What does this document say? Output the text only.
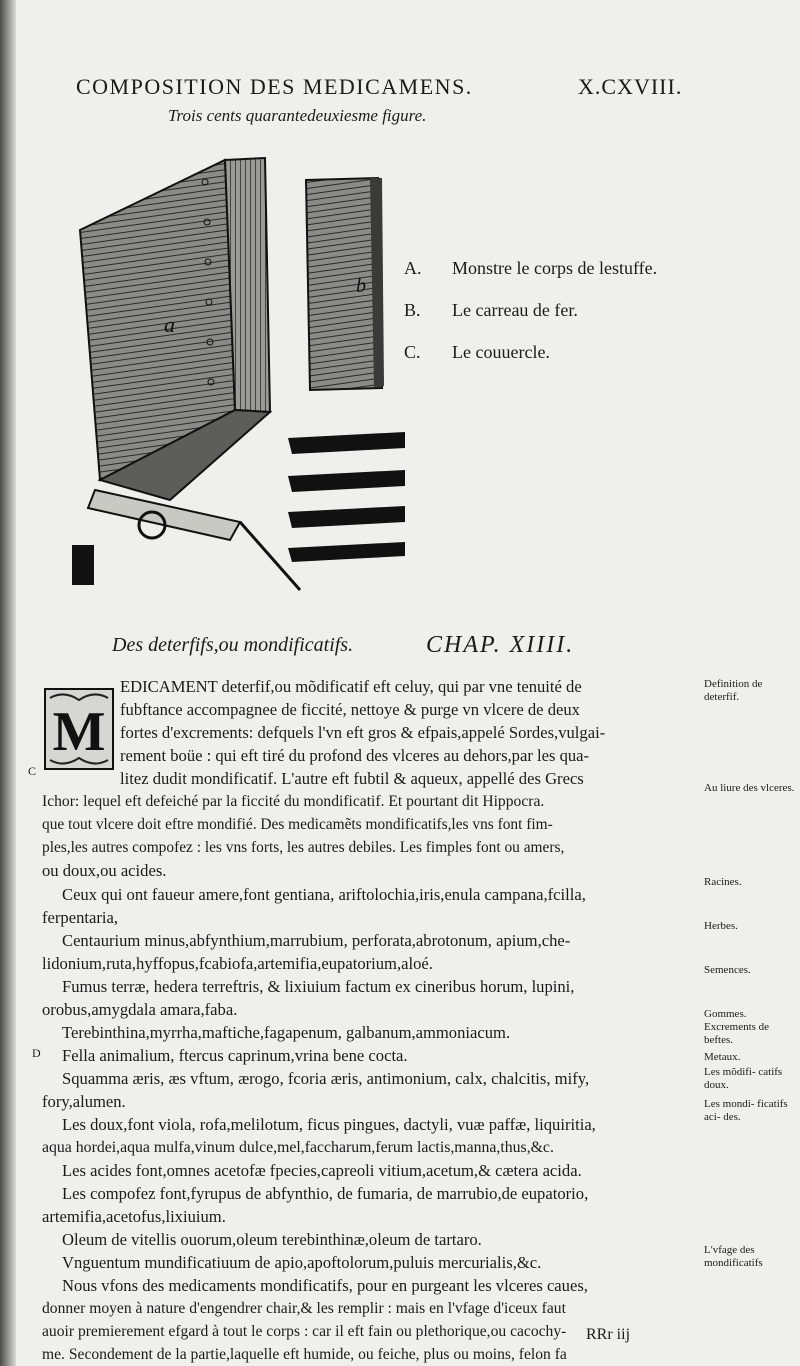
COMPOSITION DES MEDICAMENS.	X.CXVIII.
Trois cents quarantedeuxiesme figure.
a
b
A. Monstre le corps de lestuffe.
B. Le carreau de fer.
C. Le couuercle.
Des deterfifs,ou mondificatifs.	CHAP. XIIII.
M
C
D
EDICAMENT deterfif,ou mõdificatif eft celuy, qui par vne tenuité de
fubftance accompagnee de ficcité, nettoye & purge vn vlcere de deux
fortes d'excrements: defquels l'vn eft gros & efpais,appelé Sordes,vulgai-
rement boüe : qui eft tiré du profond des vlceres au dehors,par les qua-
litez dudit mondificatif. L'autre eft fubtil & aqueux, appellé des Grecs
Ichor: lequel eft defeiché par la ficcité du mondificatif. Et pourtant dit Hippocra.
que tout vlcere doit eftre mondifié. Des medicamẽts mondificatifs,les vns font fim-
ples,les autres compofez : les vns forts, les autres debiles. Les fimples font ou amers,
ou doux,ou acides.
Ceux qui ont faueur amere,font gentiana, ariftolochia,iris,enula campana,fcilla,
ferpentaria,
Centaurium minus,abfynthium,marrubium, perforata,abrotonum, apium,che-
lidonium,ruta,hyffopus,fcabiofa,artemifia,eupatorium,aloé.
Fumus terræ, hedera terreftris, & lixiuium factum ex cineribus horum, lupini,
orobus,amygdala amara,faba.
Terebinthina,myrrha,maftiche,fagapenum, galbanum,ammoniacum.
Fella animalium, ftercus caprinum,vrina bene cocta.
Squamma æris, æs vftum, ærogo, fcoria æris, antimonium, calx, chalcitis, mify,
fory,alumen.
Les doux,font viola, rofa,melilotum, ficus pingues, dactyli, vuæ paffæ, liquiritia,
aqua hordei,aqua mulfa,vinum dulce,mel,faccharum,ferum lactis,manna,thus,&c.
Les acides font,omnes acetofæ fpecies,capreoli vitium,acetum,& cætera acida.
Les compofez font,fyrupus de abfynthio, de fumaria, de marrubio,de eupatorio,
artemifia,acetofus,lixiuium.
Oleum de vitellis ouorum,oleum terebinthinæ,oleum de tartaro.
Vnguentum mundificatiuum de apio,apoftolorum,puluis mercurialis,&c.
Nous vfons des medicaments mondificatifs, pour en purgeant les vlceres caues,
donner moyen à nature d'engendrer chair,& les remplir : mais en l'vfage d'iceux faut
auoir premierement efgard à tout le corps : car il eft fain ou plethorique,ou cacochy-
me. Secondement de la partie,laquelle eft humide, ou feiche, plus ou moins, felon fa
Definition de deterfif.
Au liure des vlceres.
Racines.
Herbes.
Semences.
Gommes.
Excrements de beftes.
Metaux.
Les mõdifi- catifs doux.
Les mondi- ficatifs aci- des.
L'vfage des mondificatifs
RRr iij
